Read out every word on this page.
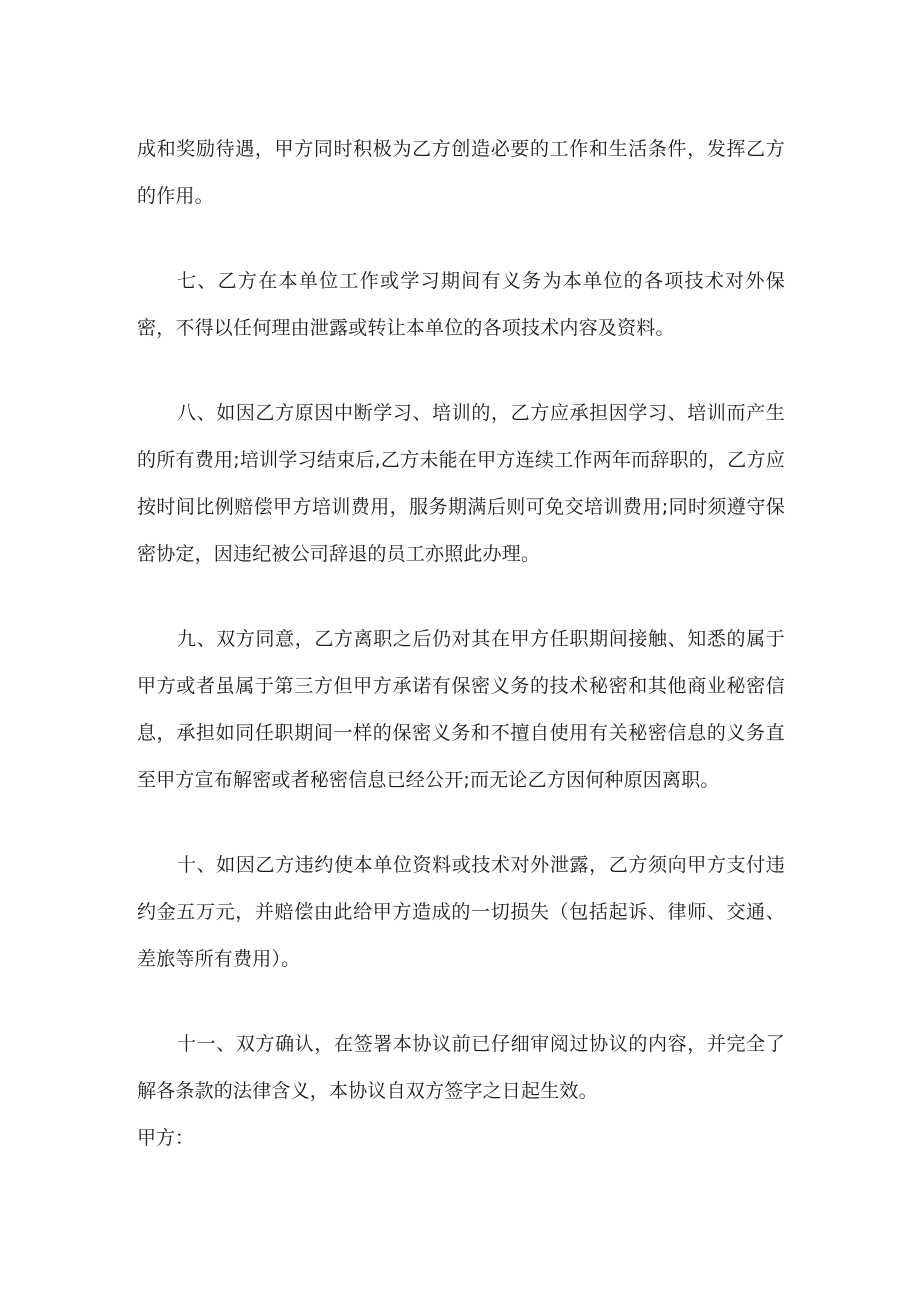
成和奖励待遇，甲方同时积极为乙方创造必要的工作和生活条件，发挥乙方的作用。

七、乙方在本单位工作或学习期间有义务为本单位的各项技术对外保密，不得以任何理由泄露或转让本单位的各项技术内容及资料。

八、如因乙方原因中断学习、培训的，乙方应承担因学习、培训而产生的所有费用;培训学习结束后,乙方未能在甲方连续工作两年而辞职的，乙方应按时间比例赔偿甲方培训费用，服务期满后则可免交培训费用;同时须遵守保密协定，因违纪被公司辞退的员工亦照此办理。

九、双方同意，乙方离职之后仍对其在甲方任职期间接触、知悉的属于甲方或者虽属于第三方但甲方承诺有保密义务的技术秘密和其他商业秘密信息，承担如同任职期间一样的保密义务和不擅自使用有关秘密信息的义务直至甲方宣布解密或者秘密信息已经公开;而无论乙方因何种原因离职。

十、如因乙方违约使本单位资料或技术对外泄露，乙方须向甲方支付违约金五万元，并赔偿由此给甲方造成的一切损失（包括起诉、律师、交通、差旅等所有费用）。

十一、双方确认，在签署本协议前已仔细审阅过协议的内容，并完全了解各条款的法律含义，本协议自双方签字之日起生效。

甲方：
